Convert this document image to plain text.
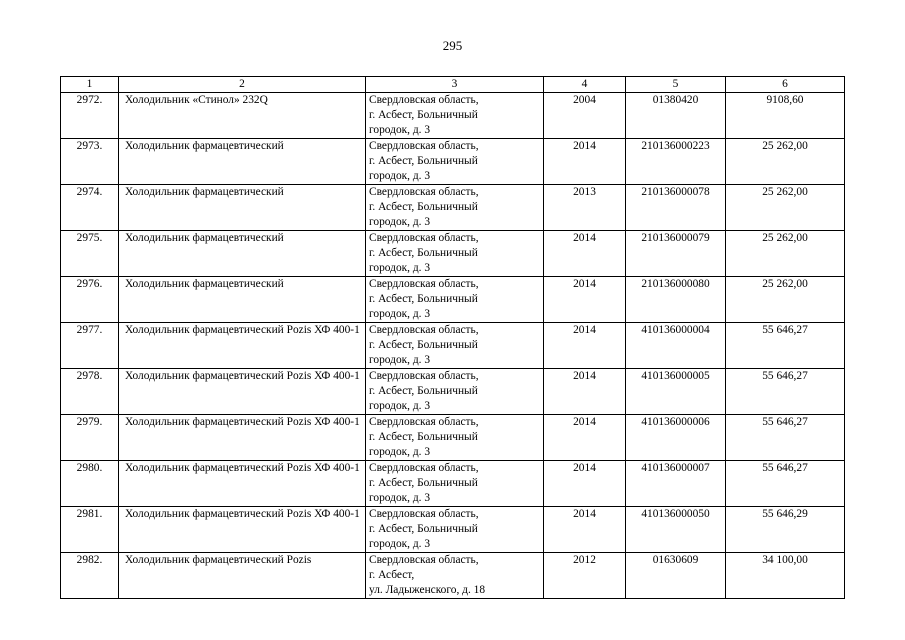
295
1	2	3	4	5	6
2972.	Холодильник «Стинол» 232Q	Свердловская область,
г. Асбест, Больничный
городок, д. 3	2004	01380420	9108,60
2973.	Холодильник фармацевтический	Свердловская область,
г. Асбест, Больничный
городок, д. 3	2014	210136000223	25 262,00
2974.	Холодильник фармацевтический	Свердловская область,
г. Асбест, Больничный
городок, д. 3	2013	210136000078	25 262,00
2975.	Холодильник фармацевтический	Свердловская область,
г. Асбест, Больничный
городок, д. 3	2014	210136000079	25 262,00
2976.	Холодильник фармацевтический	Свердловская область,
г. Асбест, Больничный
городок, д. 3	2014	210136000080	25 262,00
2977.	Холодильник фармацевтический Pozis ХФ 400-1	Свердловская область,
г. Асбест, Больничный
городок, д. 3	2014	410136000004	55 646,27
2978.	Холодильник фармацевтический Pozis ХФ 400-1	Свердловская область,
г. Асбест, Больничный
городок, д. 3	2014	410136000005	55 646,27
2979.	Холодильник фармацевтический Pozis ХФ 400-1	Свердловская область,
г. Асбест, Больничный
городок, д. 3	2014	410136000006	55 646,27
2980.	Холодильник фармацевтический Pozis ХФ 400-1	Свердловская область,
г. Асбест, Больничный
городок, д. 3	2014	410136000007	55 646,27
2981.	Холодильник фармацевтический Pozis ХФ 400-1	Свердловская область,
г. Асбест, Больничный
городок, д. 3	2014	410136000050	55 646,29
2982.	Холодильник фармацевтический Pozis	Свердловская область,
г. Асбест,
ул. Ладыженского, д. 18	2012	01630609	34 100,00
